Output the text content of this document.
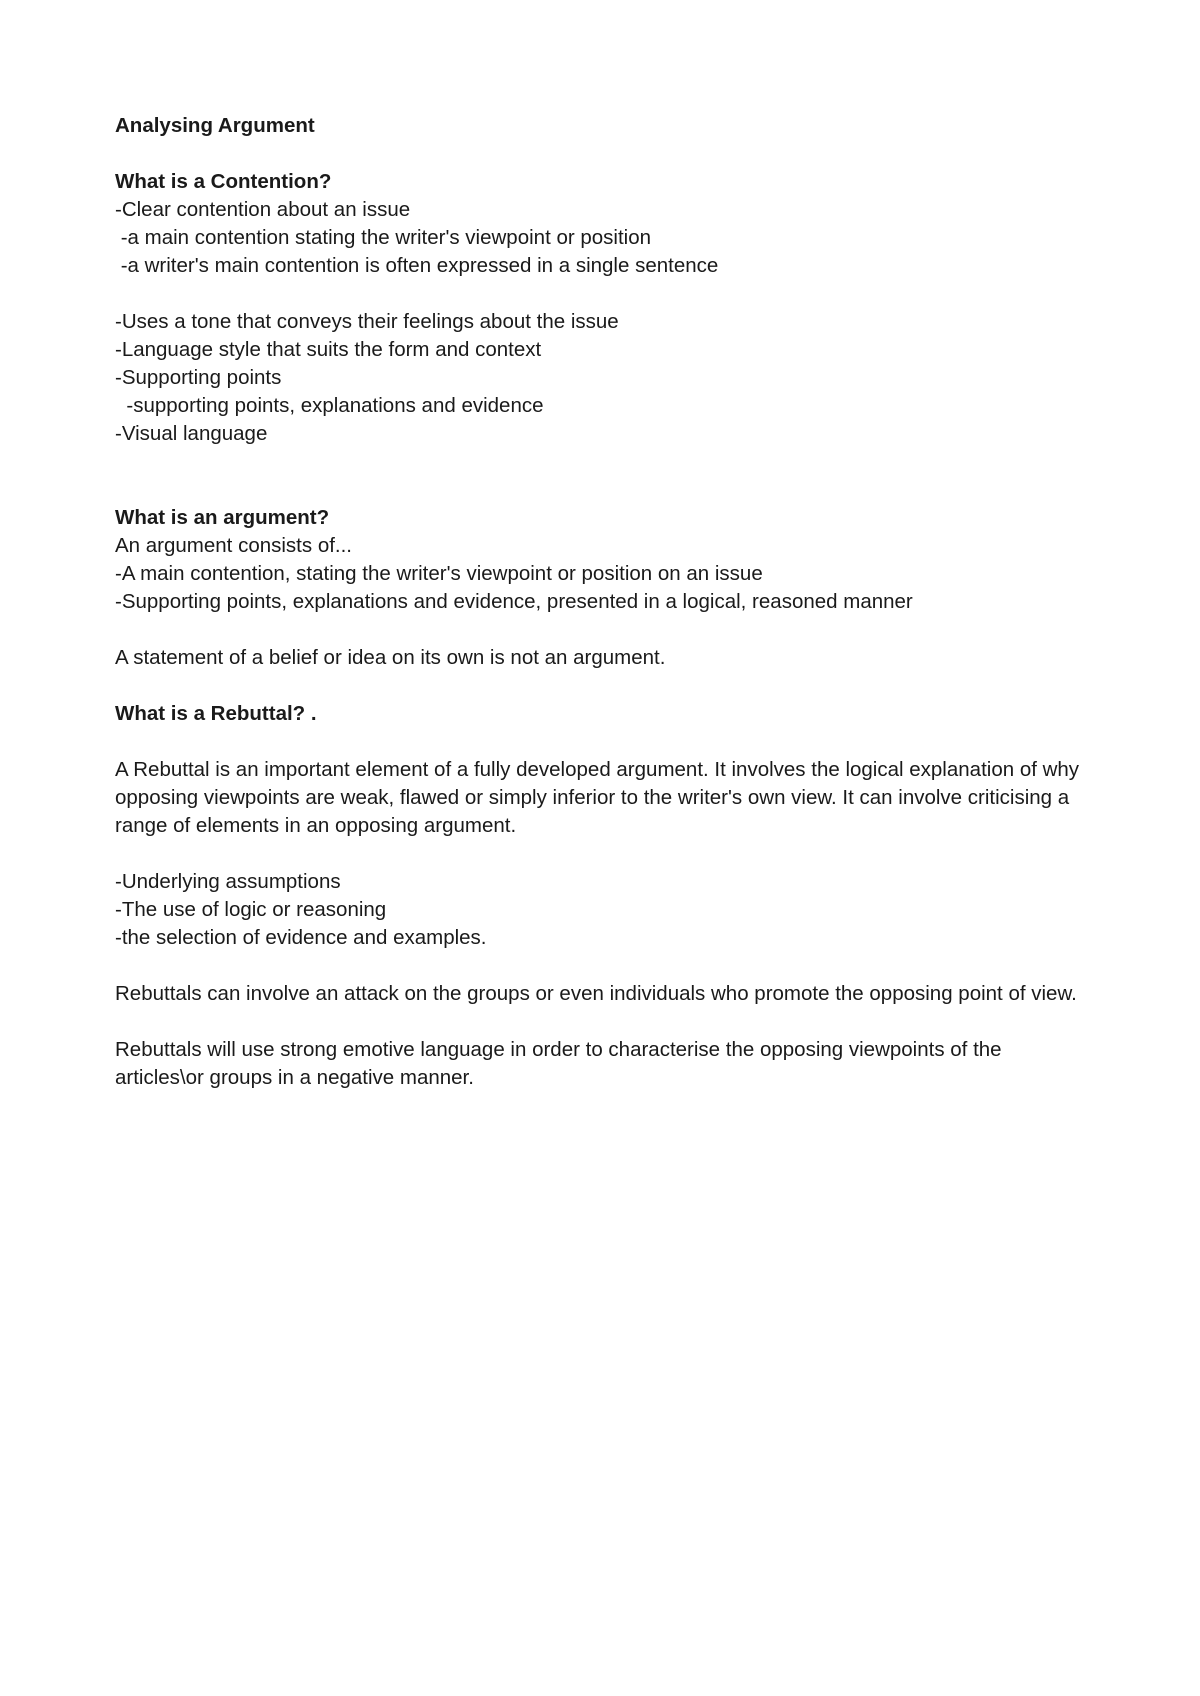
Analysing Argument
What is a Contention?
-Clear contention about an issue
-a main contention stating the writer's viewpoint or position
-a writer's main contention is often expressed in a single sentence
-Uses a tone that conveys their feelings about the issue
-Language style that suits the form and context
-Supporting points
-supporting points, explanations and evidence
-Visual language
What is an argument?
An argument consists of...
-A main contention, stating the writer's viewpoint or position on an issue
-Supporting points, explanations and evidence, presented in a logical, reasoned manner
A statement of a belief or idea on its own is not an argument.
What is a Rebuttal? .
A Rebuttal is an important element of a fully developed argument. It involves the logical explanation of why opposing viewpoints are weak, flawed or simply inferior to the writer's own view. It can involve criticising a range of elements in an opposing argument.
-Underlying assumptions
-The use of logic or reasoning
-the selection of evidence and examples.
Rebuttals can involve an attack on the groups or even individuals who promote the opposing point of view.
Rebuttals will use strong emotive language in order to characterise the opposing viewpoints of the articles\or groups in a negative manner.
